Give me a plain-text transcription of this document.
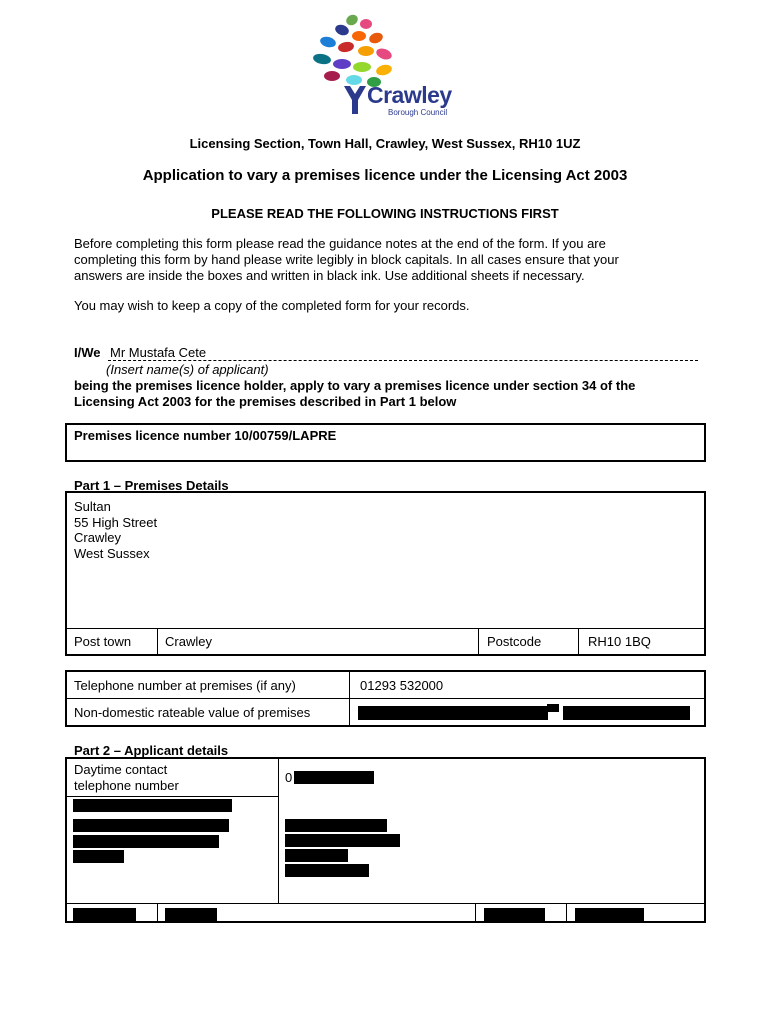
Crawley
Borough Council
Licensing Section, Town Hall, Crawley, West Sussex, RH10 1UZ
Application to vary a premises licence under the Licensing Act 2003
PLEASE READ THE FOLLOWING INSTRUCTIONS FIRST
Before completing this form please read the guidance notes at the end of the form. If you are
completing this form by hand please write legibly in block capitals. In all cases ensure that your
answers are inside the boxes and written in black ink. Use additional sheets if necessary.
You may wish to keep a copy of the completed form for your records.
I/We Mr Mustafa Cete
(Insert name(s) of applicant)
being the premises licence holder, apply to vary a premises licence under section 34 of the
Licensing Act 2003 for the premises described in Part 1 below
Premises licence number 10/00759/LAPRE
Part 1 – Premises Details
Sultan
55 High Street
Crawley
West Sussex
Post town	Crawley	Postcode	RH10 1BQ
Telephone number at premises (if any)	01293 532000
Non-domestic rateable value of premises
Part 2 – Applicant details
Daytime contact
telephone number	0
